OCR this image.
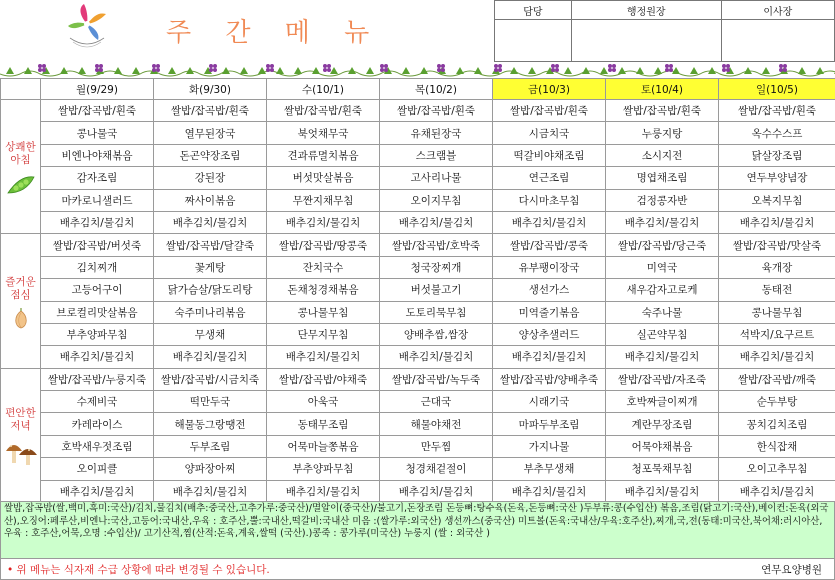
주 간 메 뉴
담당	행정원장	이사장

	월(9/29)	화(9/30)	수(10/1)	목(10/2)	금(10/3)	토(10/4)	일(10/5)

상쾌한
아침	쌀밥/잡곡밥/흰죽	쌀밥/잡곡밥/흰죽	쌀밥/잡곡밥/흰죽	쌀밥/잡곡밥/흰죽	쌀밥/잡곡밥/흰죽	쌀밥/잡곡밥/흰죽	쌀밥/잡곡밥/흰죽
	콩나물국	열무된장국	북엇채무국	유채된장국	시금치국	누룽지탕	옥수수스프
	비엔나야채볶음	돈곤약장조림	견과류멸치볶음	스크램블	떡갈비야채조림	소시지전	닭살장조림
	감자조림	강된장	버섯맛살볶음	고사리나물	연근조림	명엽채조림	연두부양념장
	마카로니샐러드	짜사이볶음	무짠지채무침	오이지무침	다시마초무침	검정콩자반	오복지무침
	배추김치/물김치	배추김치/물김치	배추김치/물김치	배추김치/물김치	배추김치/물김치	배추김치/물김치	배추김치/물김치

즐거운
점심	쌀밥/잡곡밥/버섯죽	쌀밥/잡곡밥/달걀죽	쌀밥/잡곡밥/땅콩죽	쌀밥/잡곡밥/호박죽	쌀밥/잡곡밥/콩죽	쌀밥/잡곡밥/당근죽	쌀밥/잡곡밥/맛살죽
	김치찌개	꽃게탕	잔치국수	청국장찌개	유부팽이장국	미역국	육개장
	고등어구이	닭가슴살/닭도리탕	돈채청경채볶음	버섯불고기	생선가스	새우감자고로케	동태전
	브로컬리맛살볶음	숙주미나리볶음	콩나물무침	도토리묵무침	미역줄기볶음	숙주나물	콩나물무침
	부추양파무침	무생채	단무지무침	양배추쌈,쌈장	양상추샐러드	실곤약무침	석박지/요구르트
	배추김치/물김치	배추김치/물김치	배추김치/물김치	배추김치/물김치	배추김치/물김치	배추김치/물김치	배추김치/물김치

편안한
저녁	쌀밥/잡곡밥/누룽지죽	쌀밥/잡곡밥/시금치죽	쌀밥/잡곡밥/야채죽	쌀밥/잡곡밥/녹두죽	쌀밥/잡곡밥/양배추죽	쌀밥/잡곡밥/자조죽	쌀밥/잡곡밥/깨죽
	수제비국	떡만두국	아욱국	근대국	시래기국	호박짜글이찌개	순두부탕
	카레라이스	해물동그랑땡전	동태무조림	해물야채전	마파두부조림	계란무장조림	꽁치김치조림
	호박새우젓조림	두부조림	어묵마늘쫑볶음	만두찜	가지나물	어묵야채볶음	한식잡채
	오이피클	양파장아찌	부추양파무침	청경채겉절이	부추무생채	청포묵채무침	오이고추무침
	배추김치/물김치	배추김치/물김치	배추김치/물김치	배추김치/물김치	배추김치/물김치	배추김치/물김치	배추김치/물김치
쌀밥,잡곡밥(쌀,백미,흑미:국산)/김치,물김치(배추:중국산,고추가루:중국산)/멸알이(중국산)/불고기,돈장조림 돈등뼈:탕수육(돈육,돈등뼈:국산 )두부류:콩(수입산) 볶음,조림(닭고기:국산),베이컨:돈육(외국산),오징어:페루산,비엔나:국산,고등어:국내산,우육 : 호주산,뿔:국내산,떡갈비:국내산 미음 :(쌀가루:외국산) 생선까스(중국산) 미트볼(돈육:국내산/우육:호주산),찌개,국,전(동태:미국산,북어채:러시아산,우육 : 호주산,어묵,오명 :수입산)/ 고기산적,찜(산적:돈육,계육,쌀떡 (국산).)콩죽 : 콩가루(미국산) 누룽지 (쌀 : 외국산 )
• 위 메뉴는 식자재 수급 상황에 따라 변경될 수 있습니다.	연무요양병원
